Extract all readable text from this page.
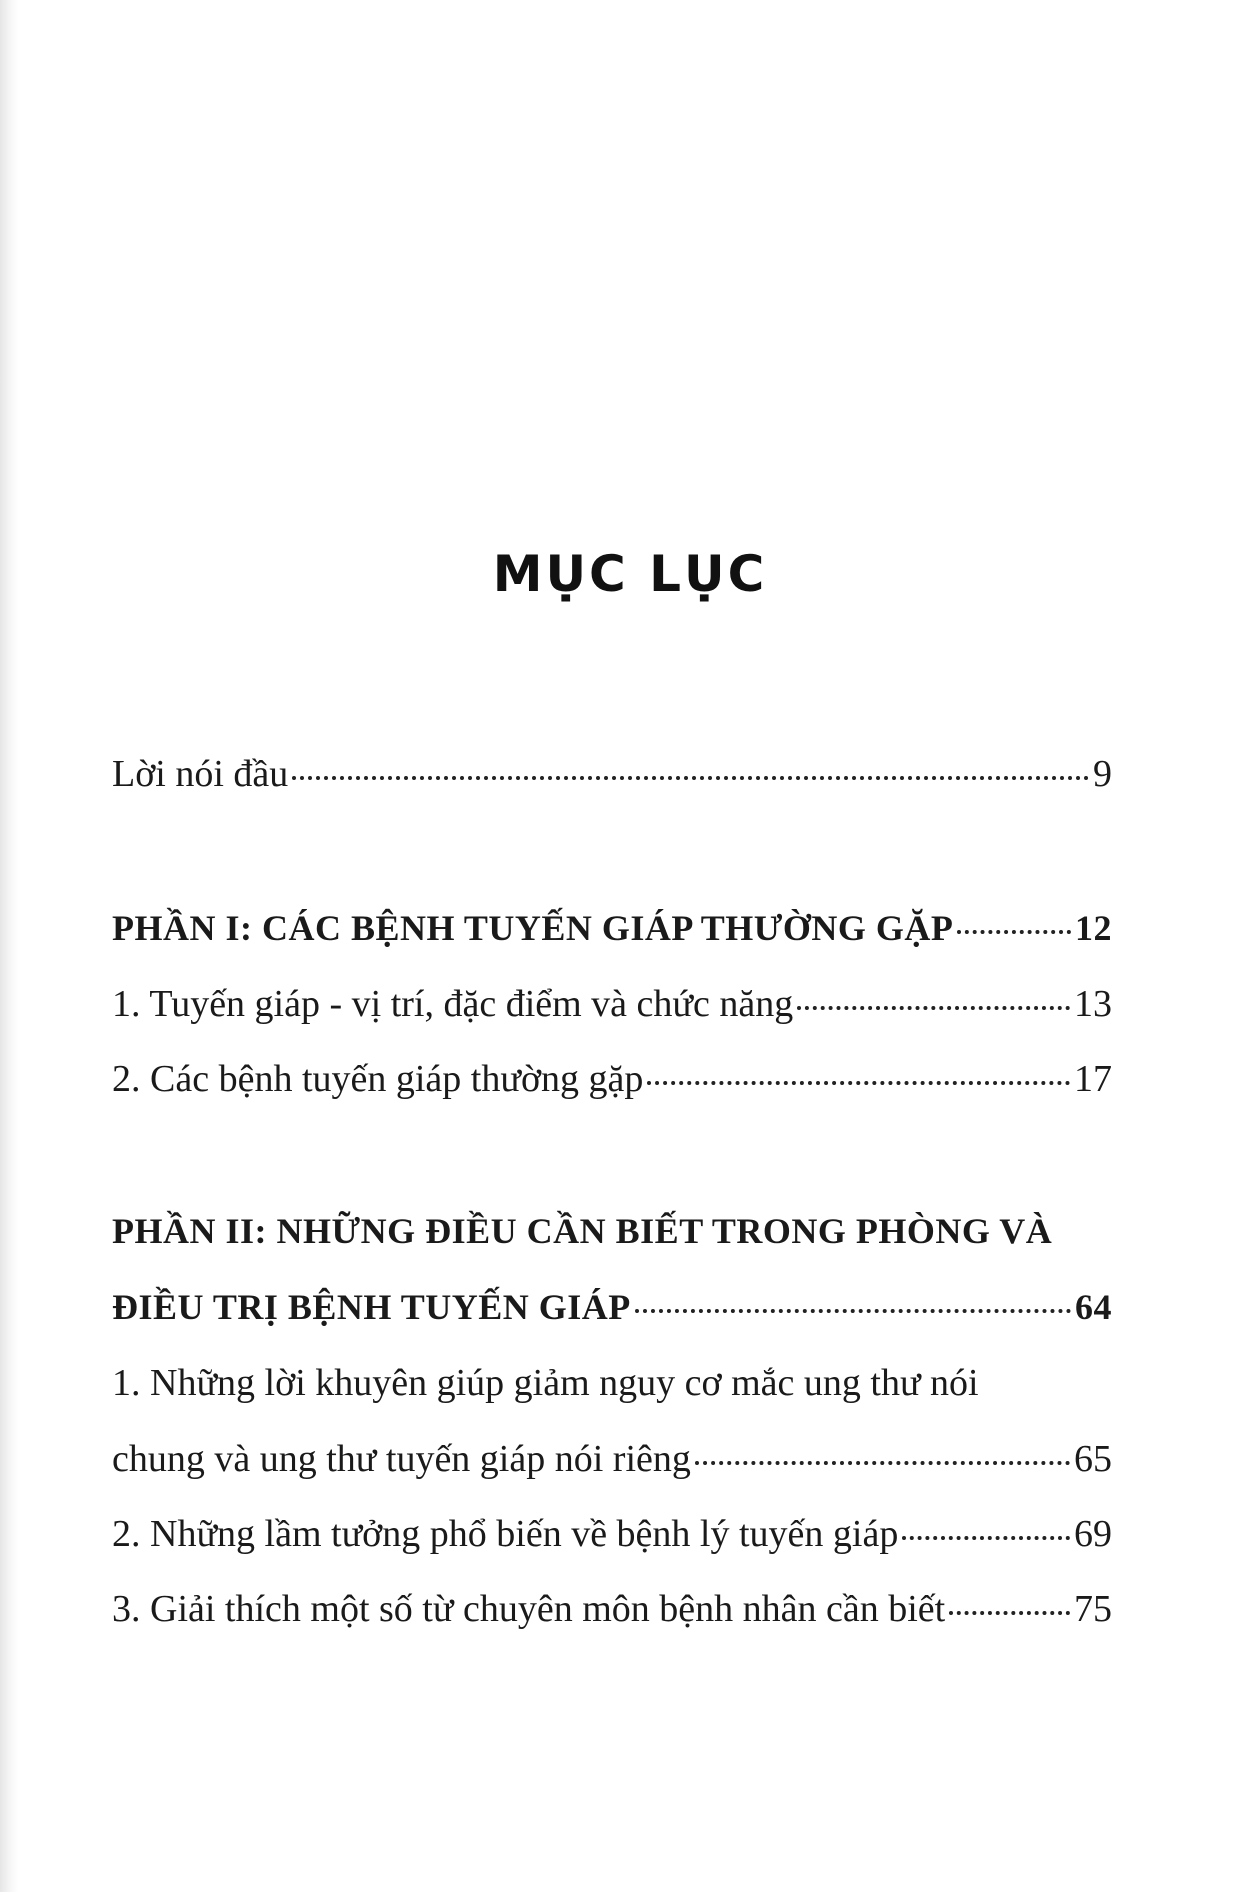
MỤC LỤC
Lời nói đầu	9
PHẦN I: CÁC BỆNH TUYẾN GIÁP THƯỜNG GẶP	12
1. Tuyến giáp - vị trí, đặc điểm và chức năng	13
2. Các bệnh tuyến giáp thường gặp	17
PHẦN II: NHỮNG ĐIỀU CẦN BIẾT TRONG PHÒNG VÀ
ĐIỀU TRỊ BỆNH TUYẾN GIÁP	64
1. Những lời khuyên giúp giảm nguy cơ mắc ung thư nói
chung và ung thư tuyến giáp nói riêng	65
2. Những lầm tưởng phổ biến về bệnh lý tuyến giáp	69
3. Giải thích một số từ chuyên môn bệnh nhân cần biết	75
